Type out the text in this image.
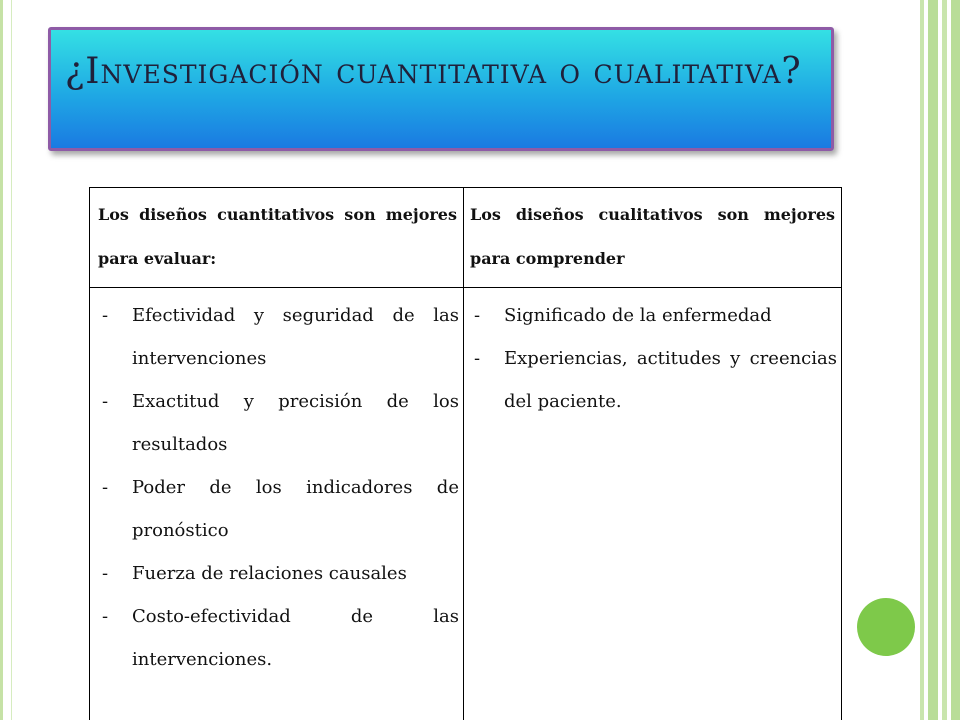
¿Investigación cuantitativa o cualitativa?
Los diseños cuantitativos son mejores para evaluar:
Los diseños cualitativos son mejores para comprender
- Efectividad y seguridad de las intervenciones
- Exactitud y precisión de los resultados
- Poder de los indicadores de pronóstico
- Fuerza de relaciones causales
- Costo-efectividad de las intervenciones.
- Significado de la enfermedad
- Experiencias, actitudes y creencias del paciente.
